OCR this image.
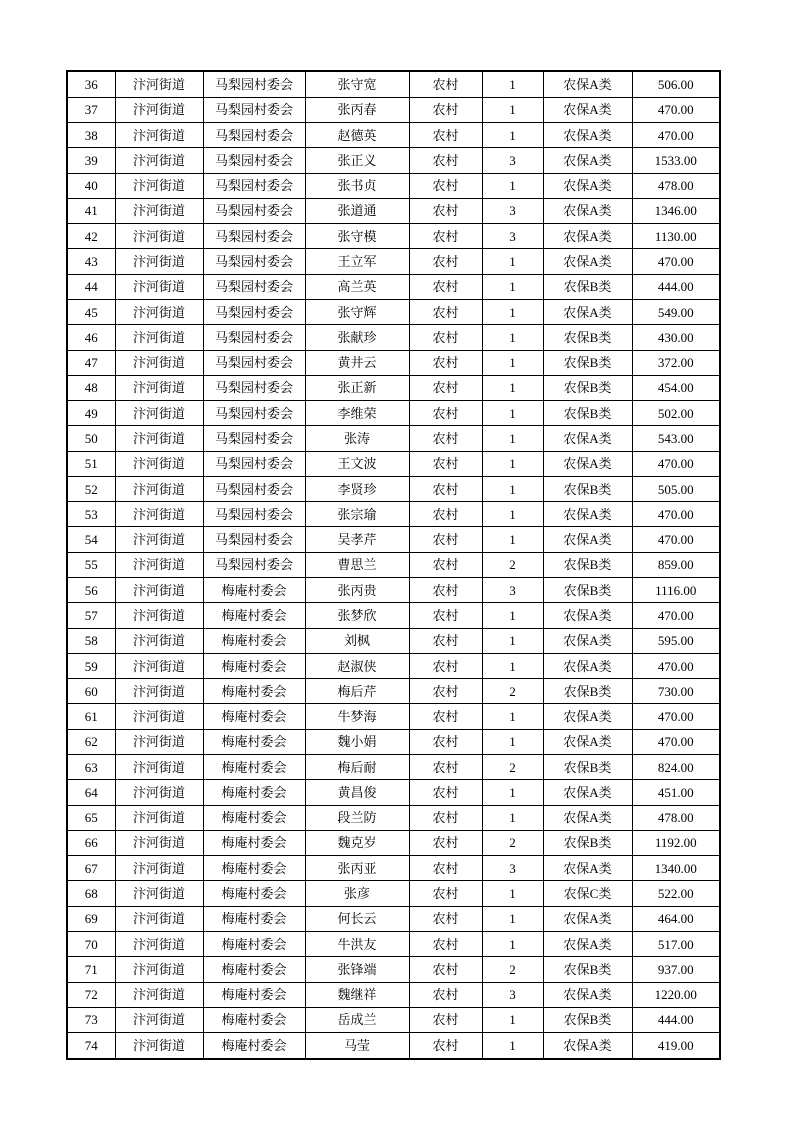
36	汴河街道	马梨园村委会	张守宽	农村	1	农保A类	506.00
37	汴河街道	马梨园村委会	张丙春	农村	1	农保A类	470.00
38	汴河街道	马梨园村委会	赵德英	农村	1	农保A类	470.00
39	汴河街道	马梨园村委会	张正义	农村	3	农保A类	1533.00
40	汴河街道	马梨园村委会	张书贞	农村	1	农保A类	478.00
41	汴河街道	马梨园村委会	张道通	农村	3	农保A类	1346.00
42	汴河街道	马梨园村委会	张守模	农村	3	农保A类	1130.00
43	汴河街道	马梨园村委会	王立军	农村	1	农保A类	470.00
44	汴河街道	马梨园村委会	高兰英	农村	1	农保B类	444.00
45	汴河街道	马梨园村委会	张守辉	农村	1	农保A类	549.00
46	汴河街道	马梨园村委会	张献珍	农村	1	农保B类	430.00
47	汴河街道	马梨园村委会	黄井云	农村	1	农保B类	372.00
48	汴河街道	马梨园村委会	张正新	农村	1	农保B类	454.00
49	汴河街道	马梨园村委会	李维荣	农村	1	农保B类	502.00
50	汴河街道	马梨园村委会	张涛	农村	1	农保A类	543.00
51	汴河街道	马梨园村委会	王文波	农村	1	农保A类	470.00
52	汴河街道	马梨园村委会	李贤珍	农村	1	农保B类	505.00
53	汴河街道	马梨园村委会	张宗瑜	农村	1	农保A类	470.00
54	汴河街道	马梨园村委会	吴孝芹	农村	1	农保A类	470.00
55	汴河街道	马梨园村委会	曹思兰	农村	2	农保B类	859.00
56	汴河街道	梅庵村委会	张丙贵	农村	3	农保B类	1116.00
57	汴河街道	梅庵村委会	张梦欣	农村	1	农保A类	470.00
58	汴河街道	梅庵村委会	刘枫	农村	1	农保A类	595.00
59	汴河街道	梅庵村委会	赵淑侠	农村	1	农保A类	470.00
60	汴河街道	梅庵村委会	梅后芹	农村	2	农保B类	730.00
61	汴河街道	梅庵村委会	牛梦海	农村	1	农保A类	470.00
62	汴河街道	梅庵村委会	魏小娟	农村	1	农保A类	470.00
63	汴河街道	梅庵村委会	梅后耐	农村	2	农保B类	824.00
64	汴河街道	梅庵村委会	黄昌俊	农村	1	农保A类	451.00
65	汴河街道	梅庵村委会	段兰防	农村	1	农保A类	478.00
66	汴河街道	梅庵村委会	魏克岁	农村	2	农保B类	1192.00
67	汴河街道	梅庵村委会	张丙亚	农村	3	农保A类	1340.00
68	汴河街道	梅庵村委会	张彦	农村	1	农保C类	522.00
69	汴河街道	梅庵村委会	何长云	农村	1	农保A类	464.00
70	汴河街道	梅庵村委会	牛洪友	农村	1	农保A类	517.00
71	汴河街道	梅庵村委会	张锋端	农村	2	农保B类	937.00
72	汴河街道	梅庵村委会	魏继祥	农村	3	农保A类	1220.00
73	汴河街道	梅庵村委会	岳成兰	农村	1	农保B类	444.00
74	汴河街道	梅庵村委会	马莹	农村	1	农保A类	419.00
